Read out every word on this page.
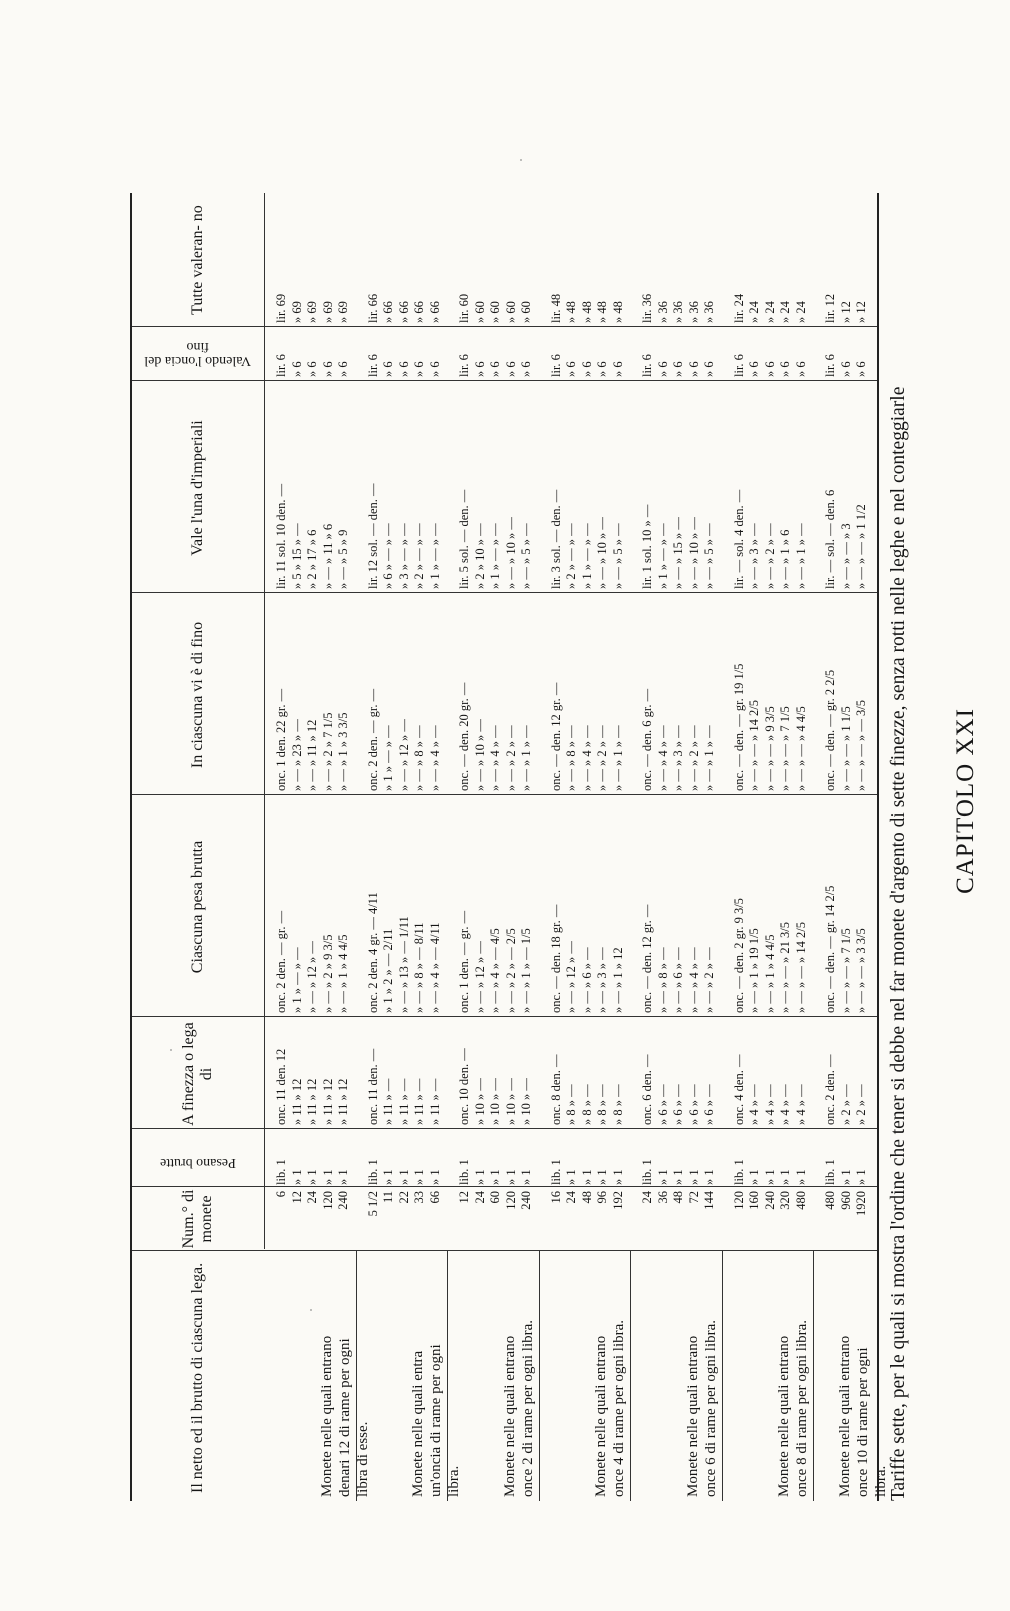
CAPITOLO XXI
Tariffe sette, per le quali si mostra l'ordine che tener si debbe nel far monete d'argento di sette finezze, senza rotti nelle leghe e nel conteggiarle
Il netto ed il brutto di ciascuna lega.
Num.° di monete
Pesano brutte
A finezza o lega di
Ciascuna pesa brutta
In ciascuna vi è di fino
Vale l'una d'imperiali
Valendo l'oncia del fino
Tutte valeran- no
Monete nelle quali entrano denari 12 di rame per ogni libra di esse.
6
12
24
120
240
lib. 1
» 1
» 1
» 1
» 1
onc. 11 den. 12
» 11 » 12
» 11 » 12
» 11 » 12
» 11 » 12
onc. 2 den. — gr. —
» 1 » — » —
» — » 12 » —
» — » 2 » 9 3/5
» — » 1 » 4 4/5
onc. 1 den. 22 gr. —
» — » 23 » —
» — » 11 » 12
» — » 2 » 7 1/5
» — » 1 » 3 3/5
lir. 11 sol. 10 den. —
» 5 » 15 » —
» 2 » 17 » 6
» — » 11 » 6
» — » 5 » 9
lir. 6
» 6
» 6
» 6
» 6
lir. 69
» 69
» 69
» 69
» 69
Monete nelle quali entra un'oncia di rame per ogni libra.
5 1/2
11
22
33
66
lib. 1
» 1
» 1
» 1
» 1
onc. 11 den. —
» 11 » —
» 11 » —
» 11 » —
» 11 » —
onc. 2 den. 4 gr. — 4/11
» 1 » 2 » — 2/11
» — » 13 » — 1/11
» — » 8 » — 8/11
» — » 4 » — 4/11
onc. 2 den. — gr. —
» 1 » — » —
» — » 12 » —
» — » 8 » —
» — » 4 » —
lir. 12 sol. — den. —
» 6 » — » —
» 3 » — » —
» 2 » — » —
» 1 » — » —
lir. 6
» 6
» 6
» 6
» 6
lir. 66
» 66
» 66
» 66
» 66
Monete nelle quali entrano once 2 di rame per ogni libra.
12
24
60
120
240
lib. 1
» 1
» 1
» 1
» 1
onc. 10 den. —
» 10 » —
» 10 » —
» 10 » —
» 10 » —
onc. 1 den. — gr. —
» — » 12 » —
» — » 4 » — 4/5
» — » 2 » — 2/5
» — » 1 » — 1/5
onc. — den. 20 gr. —
» — » 10 » —
» — » 4 » —
» — » 2 » —
» — » 1 » —
lir. 5 sol. — den. —
» 2 » 10 » —
» 1 » — » —
» — » 10 » —
» — » 5 » —
lir. 6
» 6
» 6
» 6
» 6
lir. 60
» 60
» 60
» 60
» 60
Monete nelle quali entrano once 4 di rame per ogni libra.
16
24
48
96
192
lib. 1
» 1
» 1
» 1
» 1
onc. 8 den. —
» 8 » —
» 8 » —
» 8 » —
» 8 » —
onc. — den. 18 gr. —
» — » 12 » —
» — » 6 » —
» — » 3 » —
» — » 1 » 12
onc. — den. 12 gr. —
» — » 8 » —
» — » 4 » —
» — » 2 » —
» — » 1 » —
lir. 3 sol. — den. —
» 2 » — » —
» 1 » — » —
» — » 10 » —
» — » 5 » —
lir. 6
» 6
» 6
» 6
» 6
lir. 48
» 48
» 48
» 48
» 48
Monete nelle quali entrano once 6 di rame per ogni libra.
24
36
48
72
144
lib. 1
» 1
» 1
» 1
» 1
onc. 6 den. —
» 6 » —
» 6 » —
» 6 » —
» 6 » —
onc. — den. 12 gr. —
» — » 8 » —
» — » 6 » —
» — » 4 » —
» — » 2 » —
onc. — den. 6 gr. —
» — » 4 » —
» — » 3 » —
» — » 2 » —
» — » 1 » —
lir. 1 sol. 10 » —
» 1 » — » —
» — » 15 » —
» — » 10 » —
» — » 5 » —
lir. 6
» 6
» 6
» 6
» 6
lir. 36
» 36
» 36
» 36
» 36
Monete nelle quali entrano once 8 di rame per ogni libra.
120
160
240
320
480
lib. 1
» 1
» 1
» 1
» 1
onc. 4 den. —
» 4 » —
» 4 » —
» 4 » —
» 4 » —
onc. — den. 2 gr. 9 3/5
» — » 1 » 19 1/5
» — » 1 » 4 4/5
» — » — » 21 3/5
» — » — » 14 2/5
onc. — den. — gr. 19 1/5
» — » — » 14 2/5
» — » — » 9 3/5
» — » — » 7 1/5
» — » — » 4 4/5
lir. — sol. 4 den. —
» — » 3 » —
» — » 2 » —
» — » 1 » 6
» — » 1 » —
lir. 6
» 6
» 6
» 6
» 6
lir. 24
» 24
» 24
» 24
» 24
Monete nelle quali entrano once 10 di rame per ogni libra.
480
960
1920
lib. 1
» 1
» 1
onc. 2 den. —
» 2 » —
» 2 » —
onc. — den. — gr. 14 2/5
» — » — » 7 1/5
» — » — » 3 3/5
onc. — den. — gr. 2 2/5
» — » — » 1 1/5
» — » — » — 3/5
lir. — sol. — den. 6
» — » — » 3
» — » — » 1 1/2
lir. 6
» 6
» 6
lir. 12
» 12
» 12
